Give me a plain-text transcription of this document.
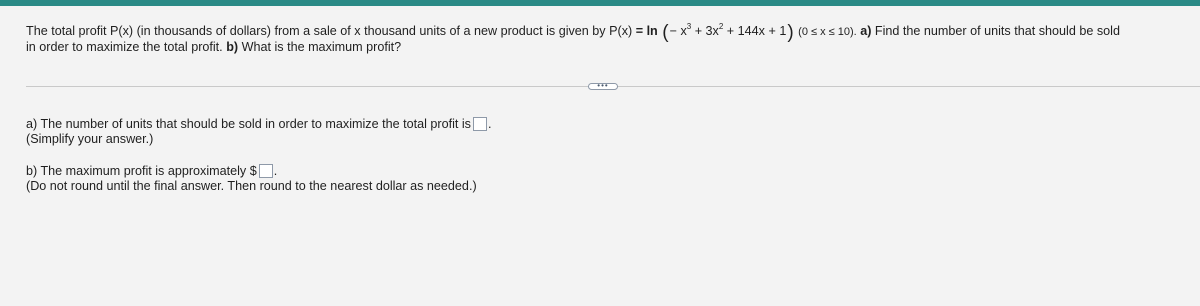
The total profit P(x) (in thousands of dollars) from a sale of x thousand units of a new product is given by P(x) = ln (− $x^3 + 3x^2 + 144x + 1$) (0 ≤ x ≤ 10). a) Find the number of units that should be sold
in order to maximize the total profit. b) What is the maximum profit?
•••
a) The number of units that should be sold in order to maximize the total profit is .
(Simplify your answer.)
b) The maximum profit is approximately $ .
(Do not round until the final answer. Then round to the nearest dollar as needed.)
